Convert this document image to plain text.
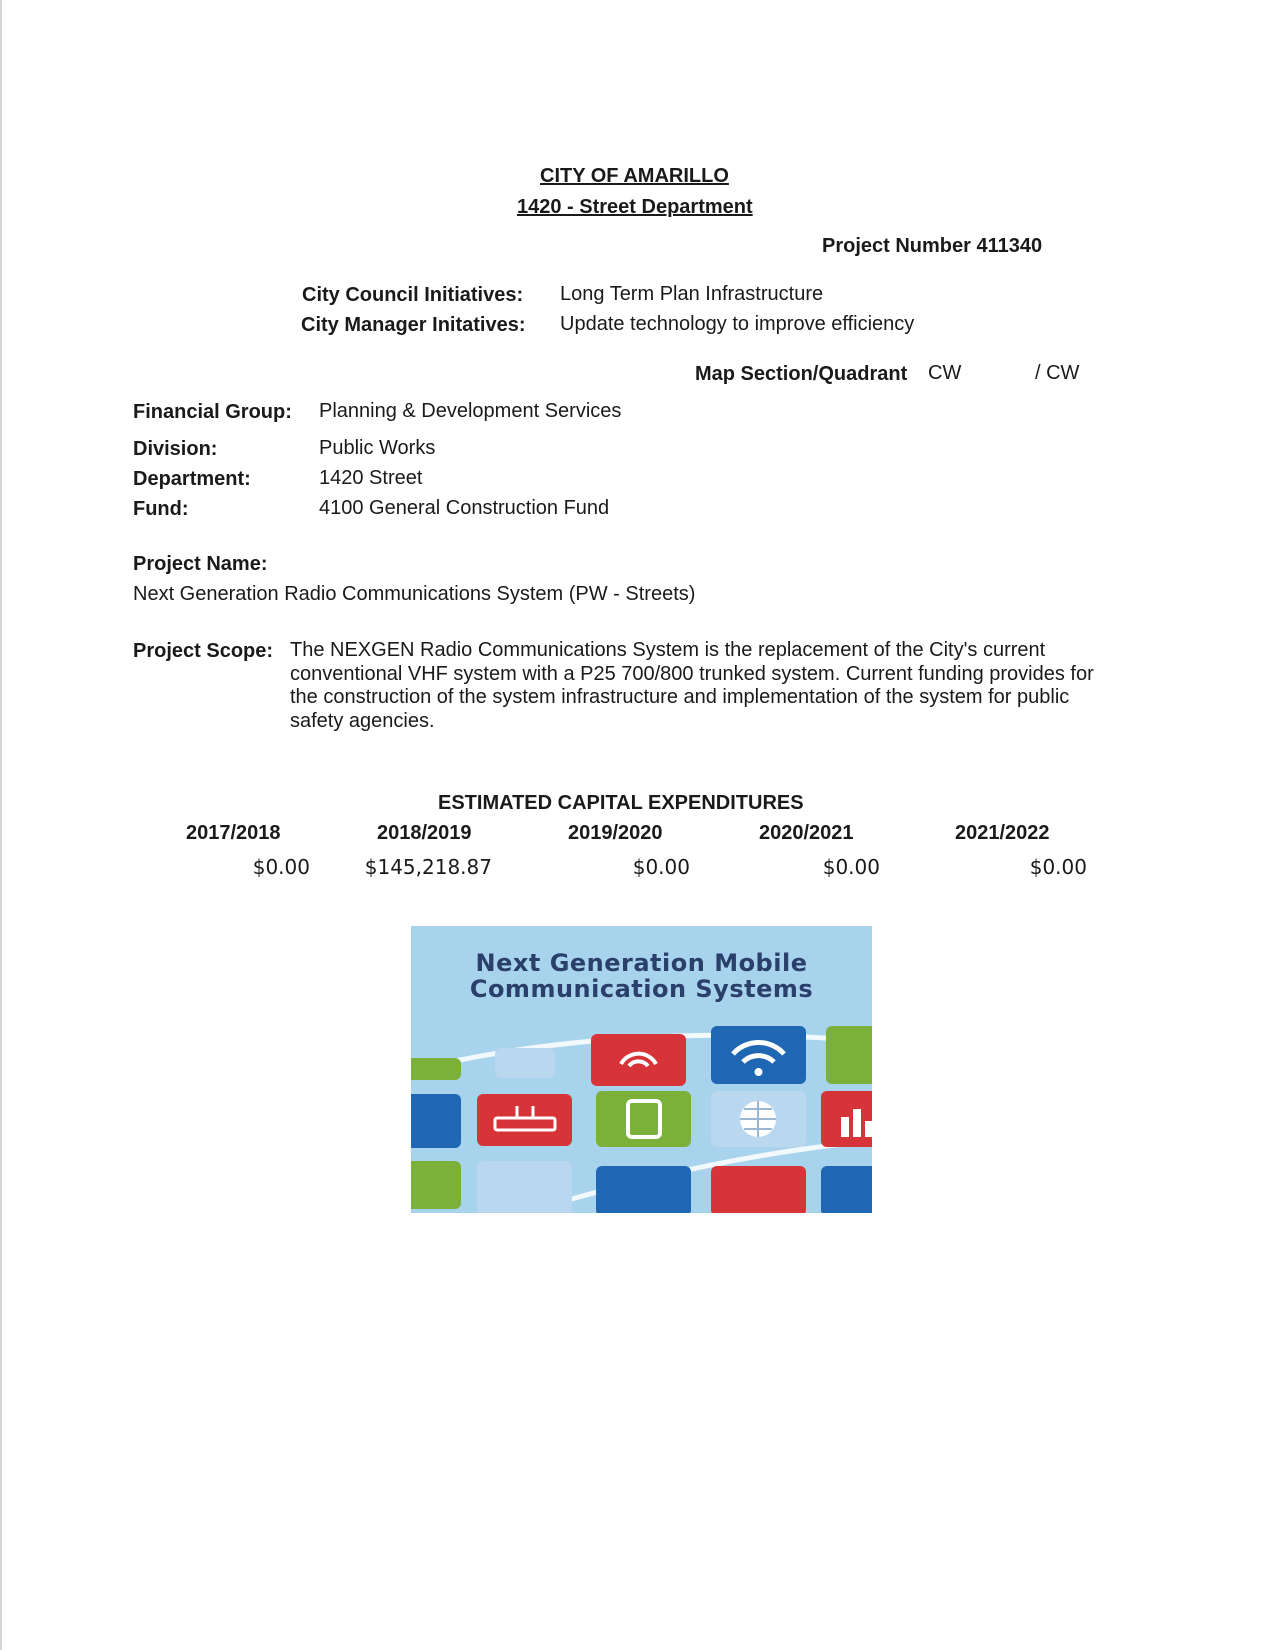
CITY OF AMARILLO
1420 - Street Department
Project Number 411340
City Council Initiatives: Long Term Plan Infrastructure
City Manager Initatives: Update technology to improve efficiency
Map Section/Quadrant CW	/ CW
Financial Group: Planning & Development Services
Division:	Public Works
Department:	1420 Street
Fund:	4100 General Construction Fund
Project Name:
Next Generation Radio Communications System (PW - Streets)
Project Scope: The NEXGEN Radio Communications System is the replacement of the City's current conventional VHF system with a P25 700/800 trunked system. Current funding provides for the construction of the system infrastructure and implementation of the system for public safety agencies.
ESTIMATED CAPITAL EXPENDITURES
2017/2018	2018/2019	2019/2020	2020/2021	2021/2022
$0.00	$145,218.87	$0.00	$0.00	$0.00
Next Generation Mobile Communication Systems
